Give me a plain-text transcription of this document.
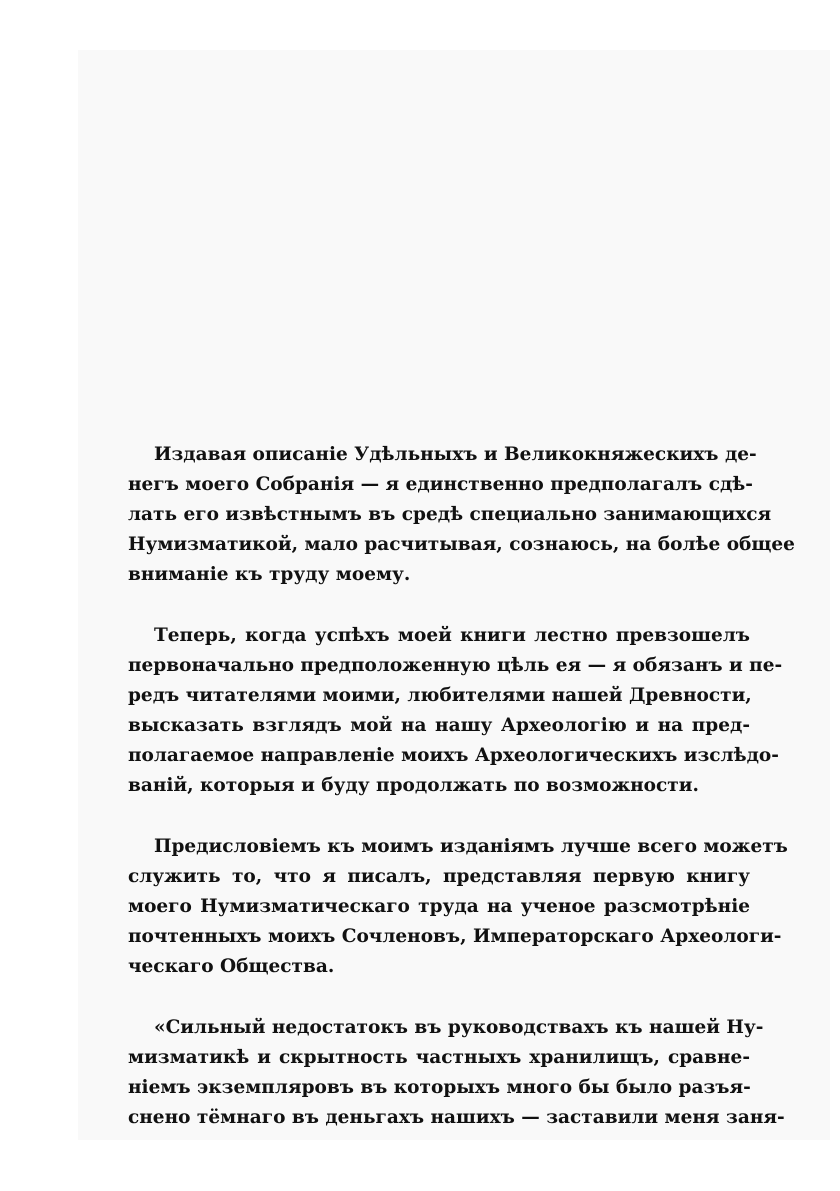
Издавая описаніе Удѣльныхъ и Великокняжескихъ де-
негъ моего Собранія — я единственно предполагалъ сдѣ-
лать его извѣстнымъ въ средѣ специально занимающихся
Нумизматикой, мало расчитывая, сознаюсь, на болѣе общее
вниманіе къ труду моему.
Теперь, когда успѣхъ моей книги лестно превзошелъ
первоначально предположенную цѣль ея — я обязанъ и пе-
редъ читателями моими, любителями нашей Древности,
высказать взглядъ мой на нашу Археологію и на пред-
полагаемое направленіе моихъ Археологическихъ изслѣдо-
ваній, которыя и буду продолжать по возможности.
Предисловіемъ къ моимъ изданіямъ лучше всего можетъ
служить то, что я писалъ, представляя первую книгу
моего Нумизматическаго труда на ученое разсмотрѣніе
почтенныхъ моихъ Сочленовъ, Императорскаго Археологи-
ческаго Общества.
«Сильный недостатокъ въ руководствахъ къ нашей Ну-
мизматикѣ и скрытность частныхъ хранилищъ, сравне-
ніемъ экземпляровъ въ которыхъ много бы было разъя-
снено тёмнаго въ деньгахъ нашихъ — заставили меня заня-
